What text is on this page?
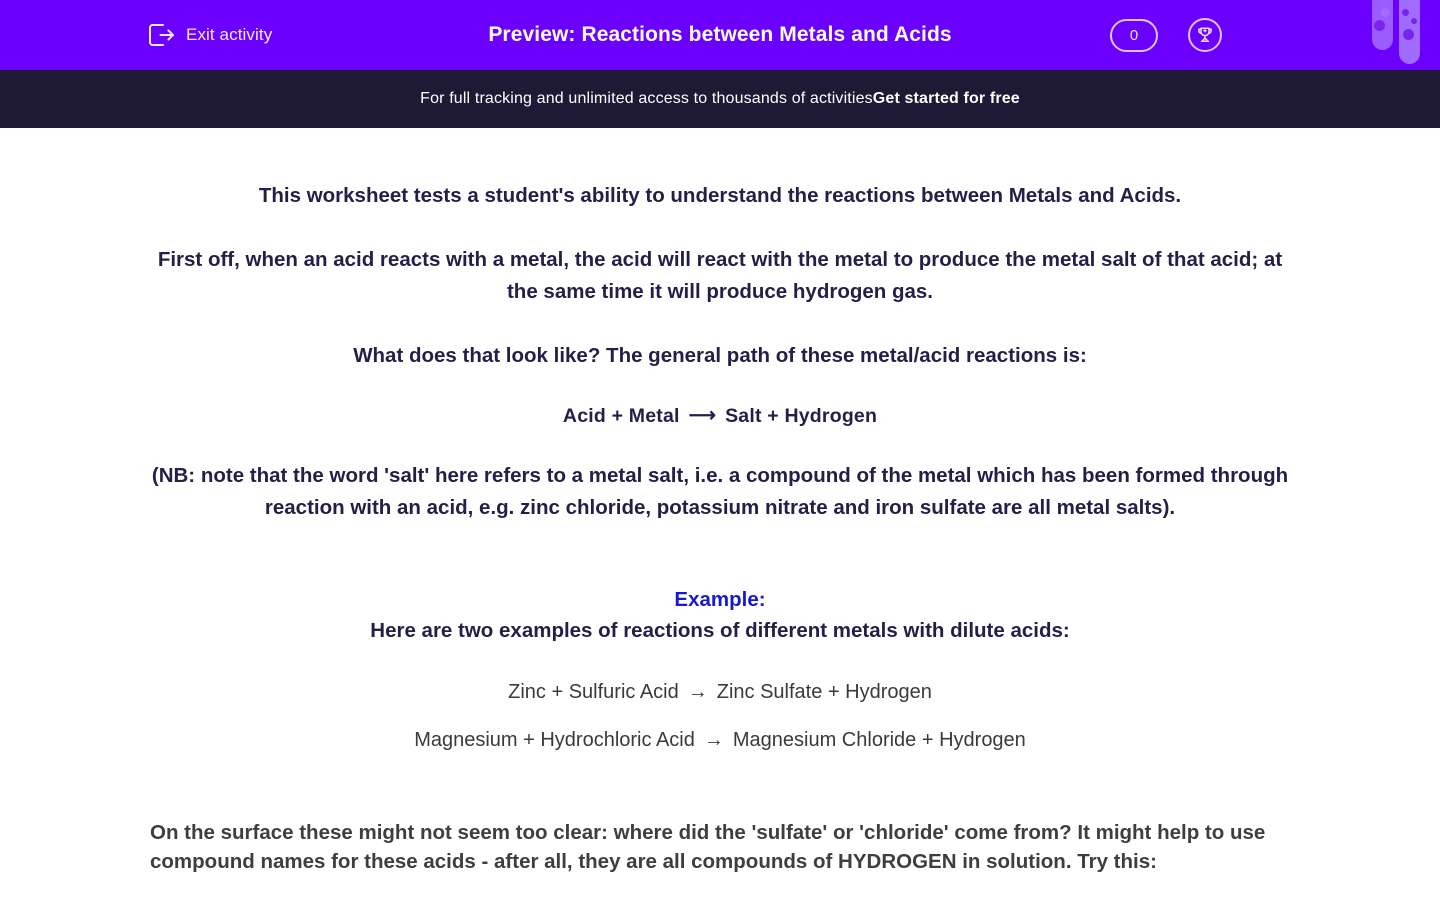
Exit activity	Preview: Reactions between Metals and Acids	0
For full tracking and unlimited access to thousands of activities Get started for free

This worksheet tests a student's ability to understand the reactions between Metals and Acids.

First off, when an acid reacts with a metal, the acid will react with the metal to produce the metal salt of that acid; at the same time it will produce hydrogen gas.

What does that look like? The general path of these metal/acid reactions is:

Acid + Metal ⟶ Salt + Hydrogen

(NB: note that the word 'salt' here refers to a metal salt, i.e. a compound of the metal which has been formed through reaction with an acid, e.g. zinc chloride, potassium nitrate and iron sulfate are all metal salts).

Example:
Here are two examples of reactions of different metals with dilute acids:
Zinc + Sulfuric Acid → Zinc Sulfate + Hydrogen
Magnesium + Hydrochloric Acid → Magnesium Chloride + Hydrogen

On the surface these might not seem too clear: where did the 'sulfate' or 'chloride' come from? It might help to use compound names for these acids - after all, they are all compounds of HYDROGEN in solution. Try this:
